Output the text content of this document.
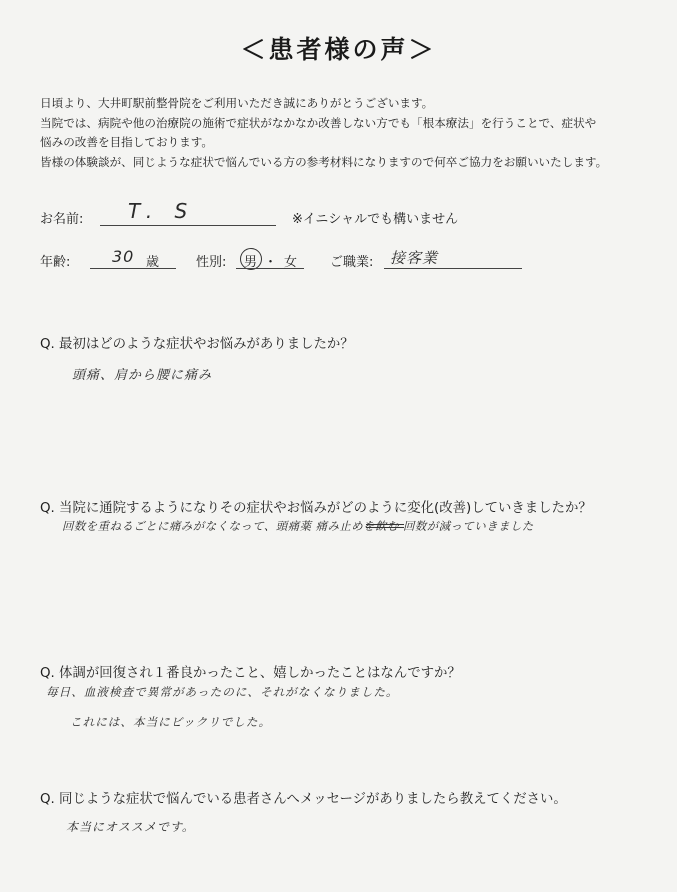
＜患者様の声＞
日頃より、大井町駅前整骨院をご利用いただき誠にありがとうございます。
当院では、病院や他の治療院の施術で症状がなかなか改善しない方でも「根本療法」を行うことで、症状や
悩みの改善を目指しております。
皆様の体験談が、同じような症状で悩んでいる方の参考材料になりますので何卒ご協力をお願いいたします。
お名前: T. S	※イニシャルでも構いません
年齢:	30 歳	性別: 男 ・ 女	ご職業: 接客業
Q. 最初はどのような症状やお悩みがありましたか？
頭痛、肩から腰に痛み
Q. 当院に通院するようになりその症状やお悩みがどのように変化(改善)していきましたか？
回数を重ねるごとに痛みがなくなって、頭痛薬 痛み止めを飲む 回数が減っていきました
Q. 体調が回復され１番良かったこと、嬉しかったことはなんですか？
毎日、血液検査で異常があったのに、それがなくなりました。
これには、本当にビックリでした。
Q. 同じような症状で悩んでいる患者さんへメッセージがありましたら教えてください。
本当にオススメです。
